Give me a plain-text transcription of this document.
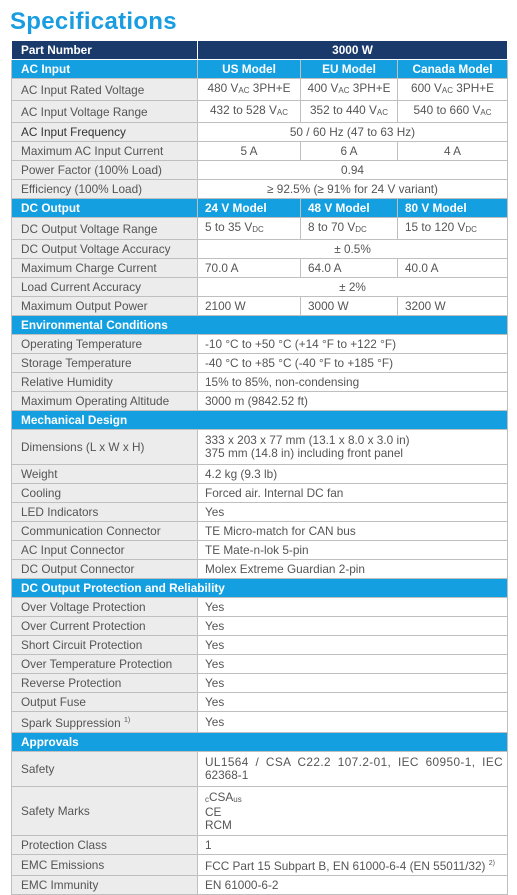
Specifications
Part Number	3000 W		
AC Input	US Model	EU Model	Canada Model
AC Input Rated Voltage	480 VAC 3PH+E	400 VAC 3PH+E	600 VAC 3PH+E
AC Input Voltage Range	432 to 528 VAC	352 to 440 VAC	540 to 660 VAC
AC Input Frequency	50 / 60 Hz (47 to 63 Hz)		
Maximum AC Input Current	5 A	6 A	4 A
Power Factor (100% Load)	0.94		
Efficiency (100% Load)	≥ 92.5% (≥ 91% for 24 V variant)		
DC Output	24 V Model	48 V Model	80 V Model
DC Output Voltage Range	5 to 35 VDC	8 to 70 VDC	15 to 120 VDC
DC Output Voltage Accuracy	± 0.5%		
Maximum Charge Current	70.0 A	64.0 A	40.0 A
Load Current Accuracy	± 2%		
Maximum Output Power	2100 W	3000 W	3200 W
Environmental Conditions			
Operating Temperature	-10 °C to +50 °C (+14 °F to +122 °F)		
Storage Temperature	-40 °C to +85 °C (-40 °F to +185 °F)		
Relative Humidity	15% to 85%, non-condensing		
Maximum Operating Altitude	3000 m (9842.52 ft)		
Mechanical Design			
Dimensions (L x W x H)	333 x 203 x 77 mm (13.1 x 8.0 x 3.0 in)
375 mm (14.8 in) including front panel		

Weight	4.2 kg (9.3 lb)		
Cooling	Forced air. Internal DC fan		
LED Indicators	Yes		
Communication Connector	TE Micro-match for CAN bus		
AC Input Connector	TE Mate-n-lok 5-pin		
DC Output Connector	Molex Extreme Guardian 2-pin		
DC Output Protection and Reliability			
Over Voltage Protection	Yes		
Over Current Protection	Yes		
Short Circuit Protection	Yes		
Over Temperature Protection	Yes		
Reverse Protection	Yes		
Output Fuse	Yes		
Spark Suppression $^{1)}$	Yes		
Approvals			
Safety	UL1564 / CSA C22.2 107.2-01, IEC 60950-1, IEC
62368-1		

Safety Marks	cCSAus
CE
RCM		

Protection Class	1		
EMC Emissions	FCC Part 15 Subpart B, EN 61000-6-4 (EN 55011/32) $^{2)}$
EMC Immunity	EN 61000-6-2		
